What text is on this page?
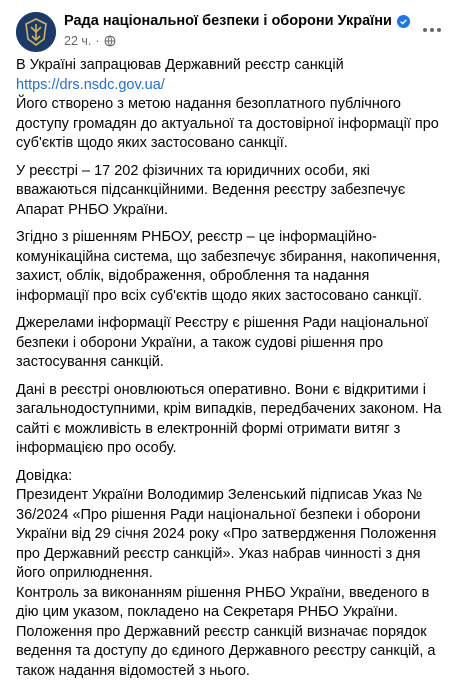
Рада національної безпеки і оборони України
22 ч. ·
В Україні запрацював Державний реєстр санкцій
https://drs.nsdc.gov.ua/
Його створено з метою надання безоплатного публічного доступу громадян до актуальної та достовірної інформації про суб'єктів щодо яких застосовано санкції.
У реєстрі – 17 202 фізичних та юридичних особи, які вважаються підсанкційними. Ведення реєстру забезпечує Апарат РНБО України.
Згідно з рішенням РНБОУ, реєстр – це інформаційно-комунікаційна система, що забезпечує збирання, накопичення, захист, облік, відображення, оброблення та надання інформації про всіх суб'єктів щодо яких застосовано санкції.
Джерелами інформації Реєстру є рішення Ради національної безпеки і оборони України, а також судові рішення про застосування санкцій.
Дані в реєстрі оновлюються оперативно. Вони є відкритими і загальнодоступними, крім випадків, передбачених законом. На сайті є можливість в електронній формі отримати витяг з інформацією про особу.
Довідка:
Президент України Володимир Зеленський підписав Указ № 36/2024 «Про рішення Ради національної безпеки і оборони України від 29 січня 2024 року «Про затвердження Положення про Державний реєстр санкцій». Указ набрав чинності з дня його оприлюднення.
Контроль за виконанням рішення РНБО України, введеного в дію цим указом, покладено на Секретаря РНБО України.
Положення про Державний реєстр санкцій визначає порядок ведення та доступу до єдиного Державного реєстру санкцій, а також надання відомостей з нього.
